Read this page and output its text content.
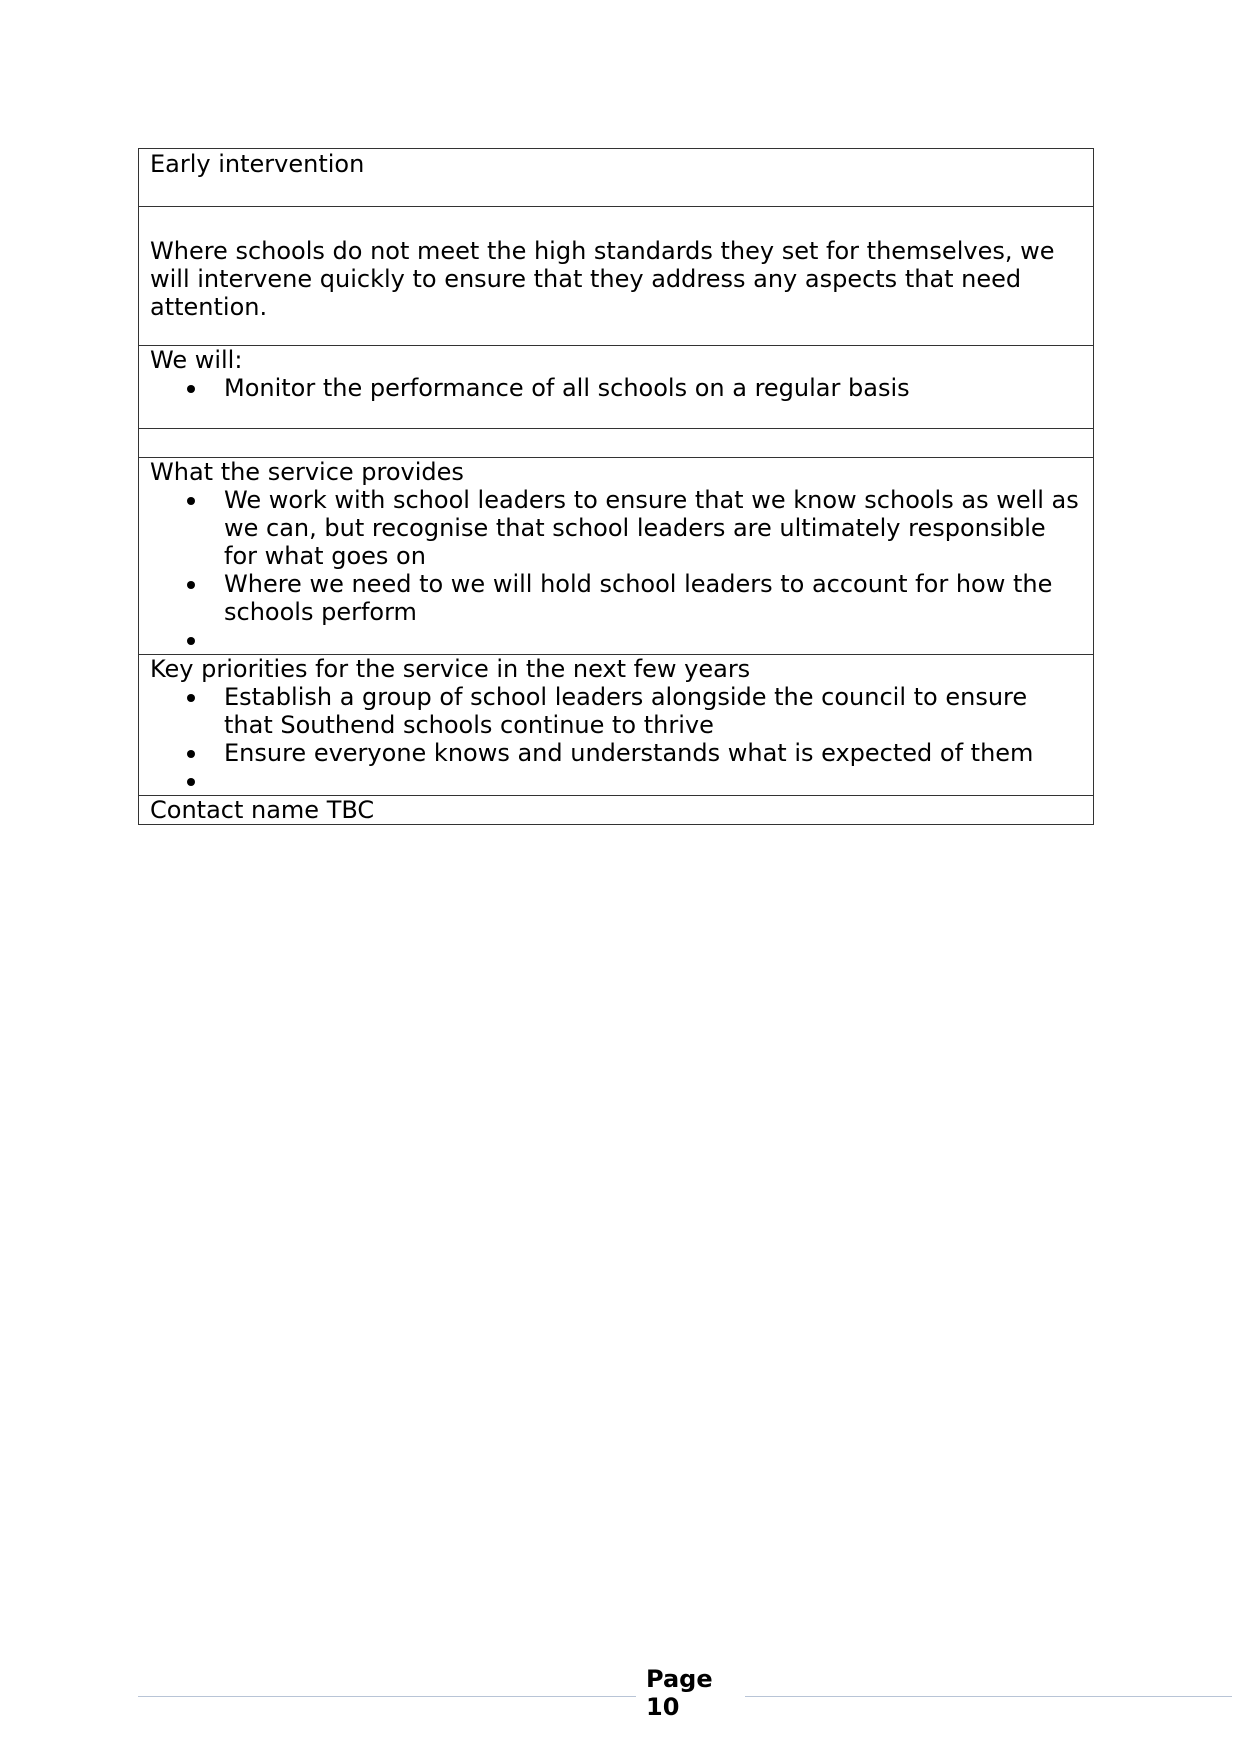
Early intervention

Where schools do not meet the high standards they set for themselves, we will intervene quickly to ensure that they address any aspects that need attention.

We will:
Monitor the performance of all schools on a regular basis

What the service provides
We work with school leaders to ensure that we know schools as well as we can, but recognise that school leaders are ultimately responsible for what goes on
Where we need to we will hold school leaders to account for how the schools perform

Key priorities for the service in the next few years
Establish a group of school leaders alongside the council to ensure that Southend schools continue to thrive
Ensure everyone knows and understands what is expected of them

Contact name TBC
Page
10
